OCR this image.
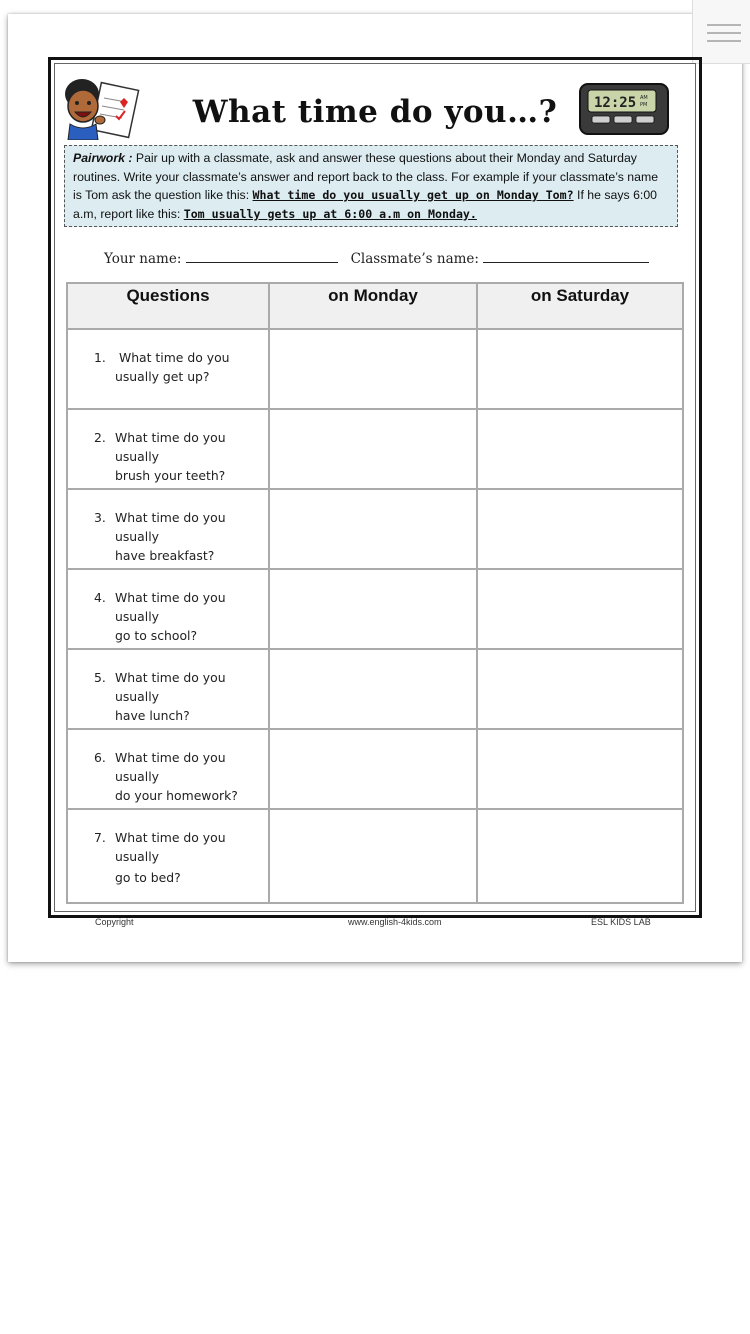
What time do you…?	12:25 AM
PM
Pairwork : Pair up with a classmate, ask and answer these questions about their Monday and Saturday routines. Write your classmate’s answer and report back to the class. For example if your classmate’s name is Tom ask the question like this: What time do you usually get up on Monday Tom? If he says 6:00 a.m, report like this: Tom usually gets up at 6:00 a.m on Monday.
Your name:	Classmate’s name:
Questions	on Monday	on Saturday

1. What time do you
usually get up?		

2. What time do you usually
brush your teeth?		

3. What time do you usually
have breakfast?		

4. What time do you usually
go to school?		

5. What time do you usually
have lunch?		

6. What time do you usually
do your homework?		

7. What time do you usually
go to bed?		

Copyright	www.english-4kids.com	ESL KIDS LAB
